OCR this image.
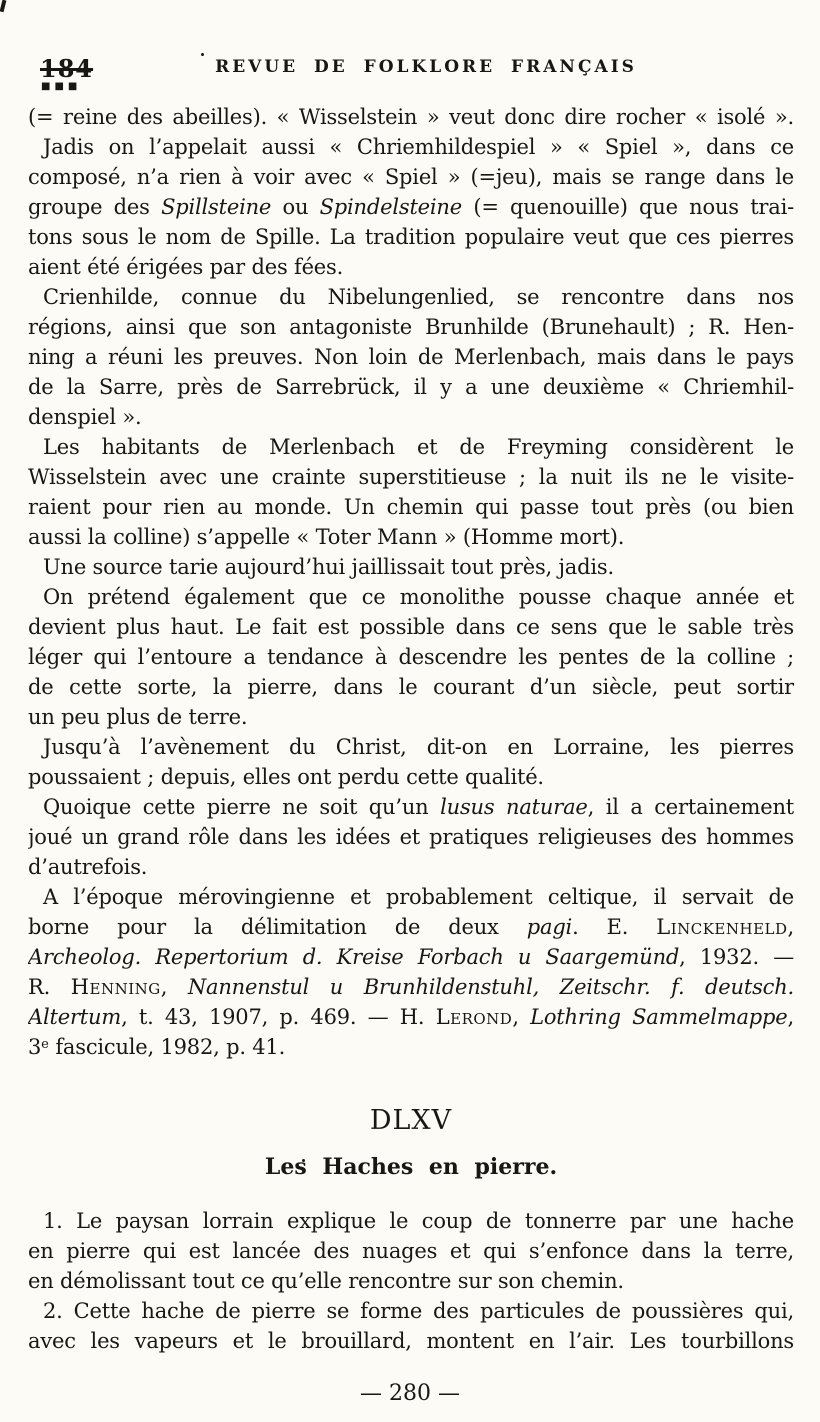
184
■■■
REVUE DE FOLKLORE FRANÇAIS
(= reine des abeilles). « Wisselstein » veut donc dire rocher « isolé ».
Jadis on l’appelait aussi « Chriemhildespiel » « Spiel », dans ce
composé, n’a rien à voir avec « Spiel » (=jeu), mais se range dans le
groupe des Spillsteine ou Spindelsteine (= quenouille) que nous trai-
tons sous le nom de Spille. La tradition populaire veut que ces pierres
aient été érigées par des fées.
Crienhilde, connue du Nibelungenlied, se rencontre dans nos
régions, ainsi que son antagoniste Brunhilde (Brunehault) ; R. Hen-
ning a réuni les preuves. Non loin de Merlenbach, mais dans le pays
de la Sarre, près de Sarrebrück, il y a une deuxième « Chriemhil-
denspiel ».
Les habitants de Merlenbach et de Freyming considèrent le
Wisselstein avec une crainte superstitieuse ; la nuit ils ne le visite-
raient pour rien au monde. Un chemin qui passe tout près (ou bien
aussi la colline) s’appelle « Toter Mann » (Homme mort).
Une source tarie aujourd’hui jaillissait tout près, jadis.
On prétend également que ce monolithe pousse chaque année et
devient plus haut. Le fait est possible dans ce sens que le sable très
léger qui l’entoure a tendance à descendre les pentes de la colline ;
de cette sorte, la pierre, dans le courant d’un siècle, peut sortir
un peu plus de terre.
Jusqu’à l’avènement du Christ, dit-on en Lorraine, les pierres
poussaient ; depuis, elles ont perdu cette qualité.
Quoique cette pierre ne soit qu’un lusus naturae, il a certainement
joué un grand rôle dans les idées et pratiques religieuses des hommes
d’autrefois.
A l’époque mérovingienne et probablement celtique, il servait de
borne pour la délimitation de deux pagi. E. Linckenheld,
Archeolog. Repertorium d. Kreise Forbach u Saargemünd, 1932. —
R. Henning, Nannenstul u Brunhildenstuhl, Zeitschr. f. deutsch.
Altertum, t. 43, 1907, p. 469. — H. Lerond, Lothring Sammelmappe,
3e fascicule, 1982, p. 41.
DLXV
Les Haches en pierre.
1. Le paysan lorrain explique le coup de tonnerre par une hache
en pierre qui est lancée des nuages et qui s’enfonce dans la terre,
en démolissant tout ce qu’elle rencontre sur son chemin.
2. Cette hache de pierre se forme des particules de poussières qui,
avec les vapeurs et le brouillard, montent en l’air. Les tourbillons
— 280 —
